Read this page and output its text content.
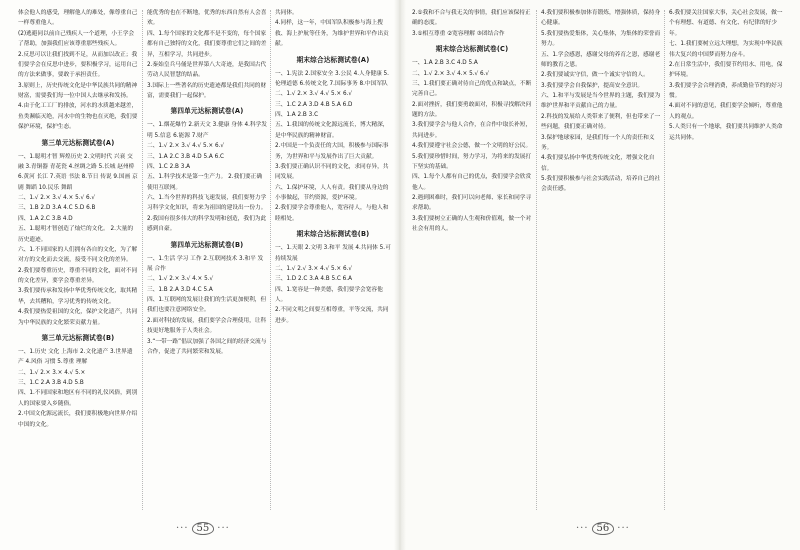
体会他人的感受，理解他人的难处，像尊重自己一样尊重他人。

(2)逃避同以前自己残疾人一个道理，小王学会了帮助，加强我们应该尊重那些残疾人。

2.反思可以让我们找到不足，从而加以改正；我们要学会在反思中进步，要积极学习，运用自己的方法来做事，要敢于承担责任。

3.原则上，历史传统文化是中华民族共同的精神财富，需要我们每一位中国人去继承和发扬。

4.由于化工工厂的排放，河水的水质越来越差，鱼类濒临灭绝，河水中的生物也在灭绝，我们要保护环境，保护生态。

第三单元达标测试卷(A)

一、1.聪明才智 辉煌历史 2.文明时代 兴衰 交融 3.青铜器 青花瓷 4.丝绸之路 5.长城 赵州桥 6.黄河 长江 7.英语 书法 8.节日 传说 9.国画 京剧 舞蹈 10.民乐 舞蹈

二、1.√ 2.× 3.√ 4.× 5.√ 6.√

三、1.B 2.D 3.A 4.C 5.D 6.B

四、1.A 2.C 3.B 4.D

五、1.聪明才智创造了灿烂的文化。 2.大量的历史遗迹。

六、1.不同国家的人们拥有各自的文化，为了解对方的文化而去交流，接受不同文化的差异。

2.我们要尊重历史，尊重不同的文化，面对不同的文化差异，要学会尊重差异。

3.我们要传承和发扬中华优秀传统文化，取其精华，去其糟粕，学习优秀的传统文化。

4.我们要热爱祖国的文化，保护文化遗产，共同为中华民族的文化繁荣贡献力量。

第三单元达标测试卷(B)

一、1.历史 文化 上海市 2.文化遗产 3.世界遗产 4.风俗 习惯 5.尊重 理解

二、1.√ 2.× 3.× 4.√ 5.×

三、1.C 2.A 3.B 4.D 5.B

四、1.不同国家和地区有不同的礼仪风俗，到别人的国家要入乡随俗。

2.中国文化源远流长，我们要积极地向世界介绍中国的文化。

能优秀的也在不断地，优秀的东西自然有人会喜欢。

四、1.每个国家的文化都不是不变的，每个国家都有自己独特的文化，我们要尊重它们之间的差异，互相学习，共同进步。

2.秦始皇兵马俑是世界第八大奇迹，是我国古代劳动人民智慧的结晶。

3.国际上一些著名的历史遗迹都是我们共同的财富，需要我们一起保护。

第四单元达标测试卷(A)

一、1.烟花爆竹 2.新天文 3.健康 身体 4.科学发明 5.信息 6.能源 7.财产

二、1.√ 2.× 3.√ 4.√ 5.× 6.√

三、1.A 2.C 3.B 4.D 5.A 6.C

四、1.C 2.B 3.A

五、1.科学技术是第一生产力。 2.我们要正确使用互联网。

六、1.当今世界的科技飞速发展，我们要努力学习科学文化知识，将来为祖国的建设出一份力。

2.我国有很多伟大的科学发明和创造，我们为此感到自豪。

第四单元达标测试卷(B)

一、1.生活 学习 工作 2.互联网技术 3.和平 发展 合作

二、1.√ 2.× 3.√ 4.× 5.√

三、1.B 2.A 3.D 4.C 5.A

四、1.互联网的发展让我们的生活更加便利，但我们也要注意网络安全。

2.面对科技的发展，我们要学会合理使用，让科技更好地服务于人类社会。

3.“一带一路”倡议加强了各国之间的经济交流与合作，促进了共同繁荣和发展。

共同体。

4.同样，这一年，中国军队积极参与海上搜救、海上护航等任务，为维护世界和平作出贡献。

期末综合达标测试卷(A)

一、1.宪法 2.国家安全 3.公民 4.人身健康 5.伦理道德 6.传统文化 7.国际事务 8.中国军队

二、1.√ 2.× 3.√ 4.√ 5.× 6.√

三、1.C 2.A 3.D 4.B 5.A 6.D

四、1.A 2.B 3.C

五、1.我国的传统文化源远流长，博大精深，是中华民族的精神财富。

2.中国是一个负责任的大国，积极参与国际事务，为世界和平与发展作出了巨大贡献。

3.我们要正确认识不同的文化，求同存异，共同发展。

六、1.保护环境，人人有责。我们要从身边的小事做起，节约资源，爱护环境。

2.我们要学会尊重他人，宽容待人，与他人和睦相处。

期末综合达标测试卷(B)

一、1.天眼 2.文明 3.和平 发展 4.共同体 5.可持续发展

二、1.√ 2.√ 3.× 4.√ 5.× 6.√

三、1.D 2.C 3.A 4.B 5.C 6.A

四、1.宽容是一种美德，我们要学会宽容他人。

2.不同文明之间要互相尊重，平等交流，共同进步。

··· 55 ···

2.①我和不合与我无关的事情，我们应该保持正确的态度。

3.①相互尊重 ②宽容理解 ③团结合作

期末综合达标测试卷(C)

一、1.A 2.B 3.C 4.D 5.A

二、1.√ 2.× 3.√ 4.× 5.√ 6.√

三、1.我们要正确对待自己的优点和缺点，不断完善自己。

2.面对挫折，我们要勇敢面对，积极寻找解决问题的方法。

3.我们要学会与他人合作，在合作中取长补短，共同进步。

4.我们要遵守社会公德，做一个文明的好公民。

5.我们要珍惜时间，努力学习，为将来的发展打下坚实的基础。

四、1.每个人都有自己的优点，我们要学会欣赏他人。

2.遇到困难时，我们可以向老师、家长和同学寻求帮助。

3.我们要树立正确的人生观和价值观，做一个对社会有用的人。

4.我们要积极参加体育锻炼，增强体质，保持身心健康。

5.我们要热爱集体，关心集体，为集体的荣誉而努力。

五、1.学会感恩，感谢父母的养育之恩，感谢老师的教育之恩。

2.我们要诚实守信，做一个诚实守信的人。

3.我们要学会自我保护，提高安全意识。

六、1.和平与发展是当今世界的主题，我们要为维护世界和平贡献自己的力量。

2.科技的发展给人类带来了便利，但也带来了一些问题，我们要正确对待。

3.保护地球家园，是我们每一个人的责任和义务。

4.我们要弘扬中华优秀传统文化，增强文化自信。

5.我们要积极参与社会实践活动，培养自己的社会责任感。

6.我们要关注国家大事，关心社会发展，做一个有理想、有道德、有文化、有纪律的好少年。

七、1.我们要树立远大理想，为实现中华民族伟大复兴的中国梦而努力奋斗。

2.在日常生活中，我们要节约用水、用电，保护环境。

3.我们要学会合理消费，养成勤俭节约的好习惯。

4.面对不同的意见，我们要学会倾听，尊重他人的观点。

5.人类只有一个地球，我们要共同维护人类命运共同体。

··· 56 ···
